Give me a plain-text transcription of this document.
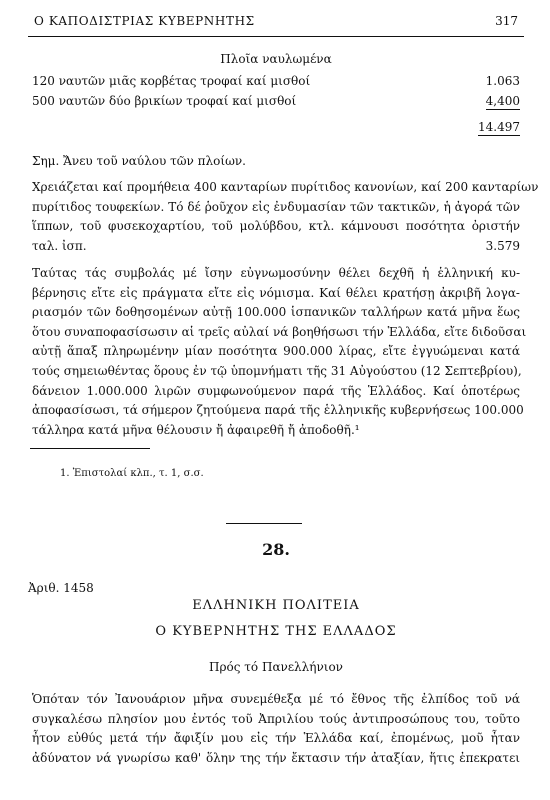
Ο ΚΑΠΟΔΙΣΤΡΙΑΣ ΚΥΒΕΡΝΗΤΗΣ	317
Πλοῖα ναυλωμένα
120 ναυτῶν μιᾶς κορβέτας τροφαί καί μισθοί	1.063
500 ναυτῶν δύο βρικίων τροφαί καί μισθοί	4,400
14.497
Σημ. Ἄνευ τοῦ ναύλου τῶν πλοίων.
Χρειάζεται καί προμήθεια 400 κανταρίων πυρίτιδος κανονίων, καί 200 κανταρίων
πυρίτιδος τουφεκίων. Τό δέ ῥοῦχον εἰς ἐνδυμασίαν τῶν τακτικῶν, ἡ ἀγορά τῶν
ἵππων, τοῦ φυσεκοχαρτίου, τοῦ μολύβδου, κτλ. κάμνουσι ποσότητα ὀριστήν
ταλ. ἰσπ.	3.579
Ταύτας τάς συμβολάς μέ ἴσην εὐγνωμοσύνην θέλει δεχθῆ ἡ ἑλληνική κυ-
βέρνησις εἴτε εἰς πράγματα εἴτε εἰς νόμισμα. Καί θέλει κρατήσῃ ἀκριβῆ λογα-
ριασμόν τῶν δοθησομένων αὐτῇ 100.000 ἱσπανικῶν ταλλήρων κατά μῆνα ἕως
ὅτου συναποφασίσωσιν αἱ τρεῖς αὐλαί νά βοηθήσωσι τήν Ἑλλάδα, εἴτε διδοῦσαι
αὐτῇ ἅπαξ πληρωμένην μίαν ποσότητα 900.000 λίρας, εἴτε ἐγγυώμεναι κατά
τούς σημειωθέντας ὅρους ἐν τῷ ὑπομνήματι τῆς 31 Αὐγούστου (12 Σεπτεβρίου),
δάνειον 1.000.000 λιρῶν συμφωνούμενον παρά τῆς Ἑλλάδος. Καί ὁποτέρως
ἀποφασίσωσι, τά σήμερον ζητούμενα παρά τῆς ἑλληνικῆς κυβερνήσεως 100.000
τάλληρα κατά μῆνα θέλουσιν ἤ ἀφαιρεθῆ ἤ ἀποδοθῆ.¹
1. Ἐπιστολαί κλπ., τ. 1, σ.σ.
28.
Ἀριθ. 1458
ΕΛΛΗΝΙΚΗ ΠΟΛΙΤΕΙΑ
Ο ΚΥΒΕΡΝΗΤΗΣ ΤΗΣ ΕΛΛΑΔΟΣ
Πρός τό Πανελλήνιον
Ὁπόταν τόν Ἰανουάριον μῆνα συνεμέθεξα μέ τό ἔθνος τῆς ἐλπίδος τοῦ νά
συγκαλέσω πλησίον μου ἐντός τοῦ Ἀπριλίου τούς ἀντιπροσώπους του, τοῦτο
ἦτον εὐθύς μετά τήν ἄφιξίν μου εἰς τήν Ἑλλάδα καί, ἐπομένως, μοῦ ἦταν
ἀδύνατον νά γνωρίσω καθ' ὅλην της τήν ἔκτασιν τήν ἀταξίαν, ἥτις ἐπεκρατει
